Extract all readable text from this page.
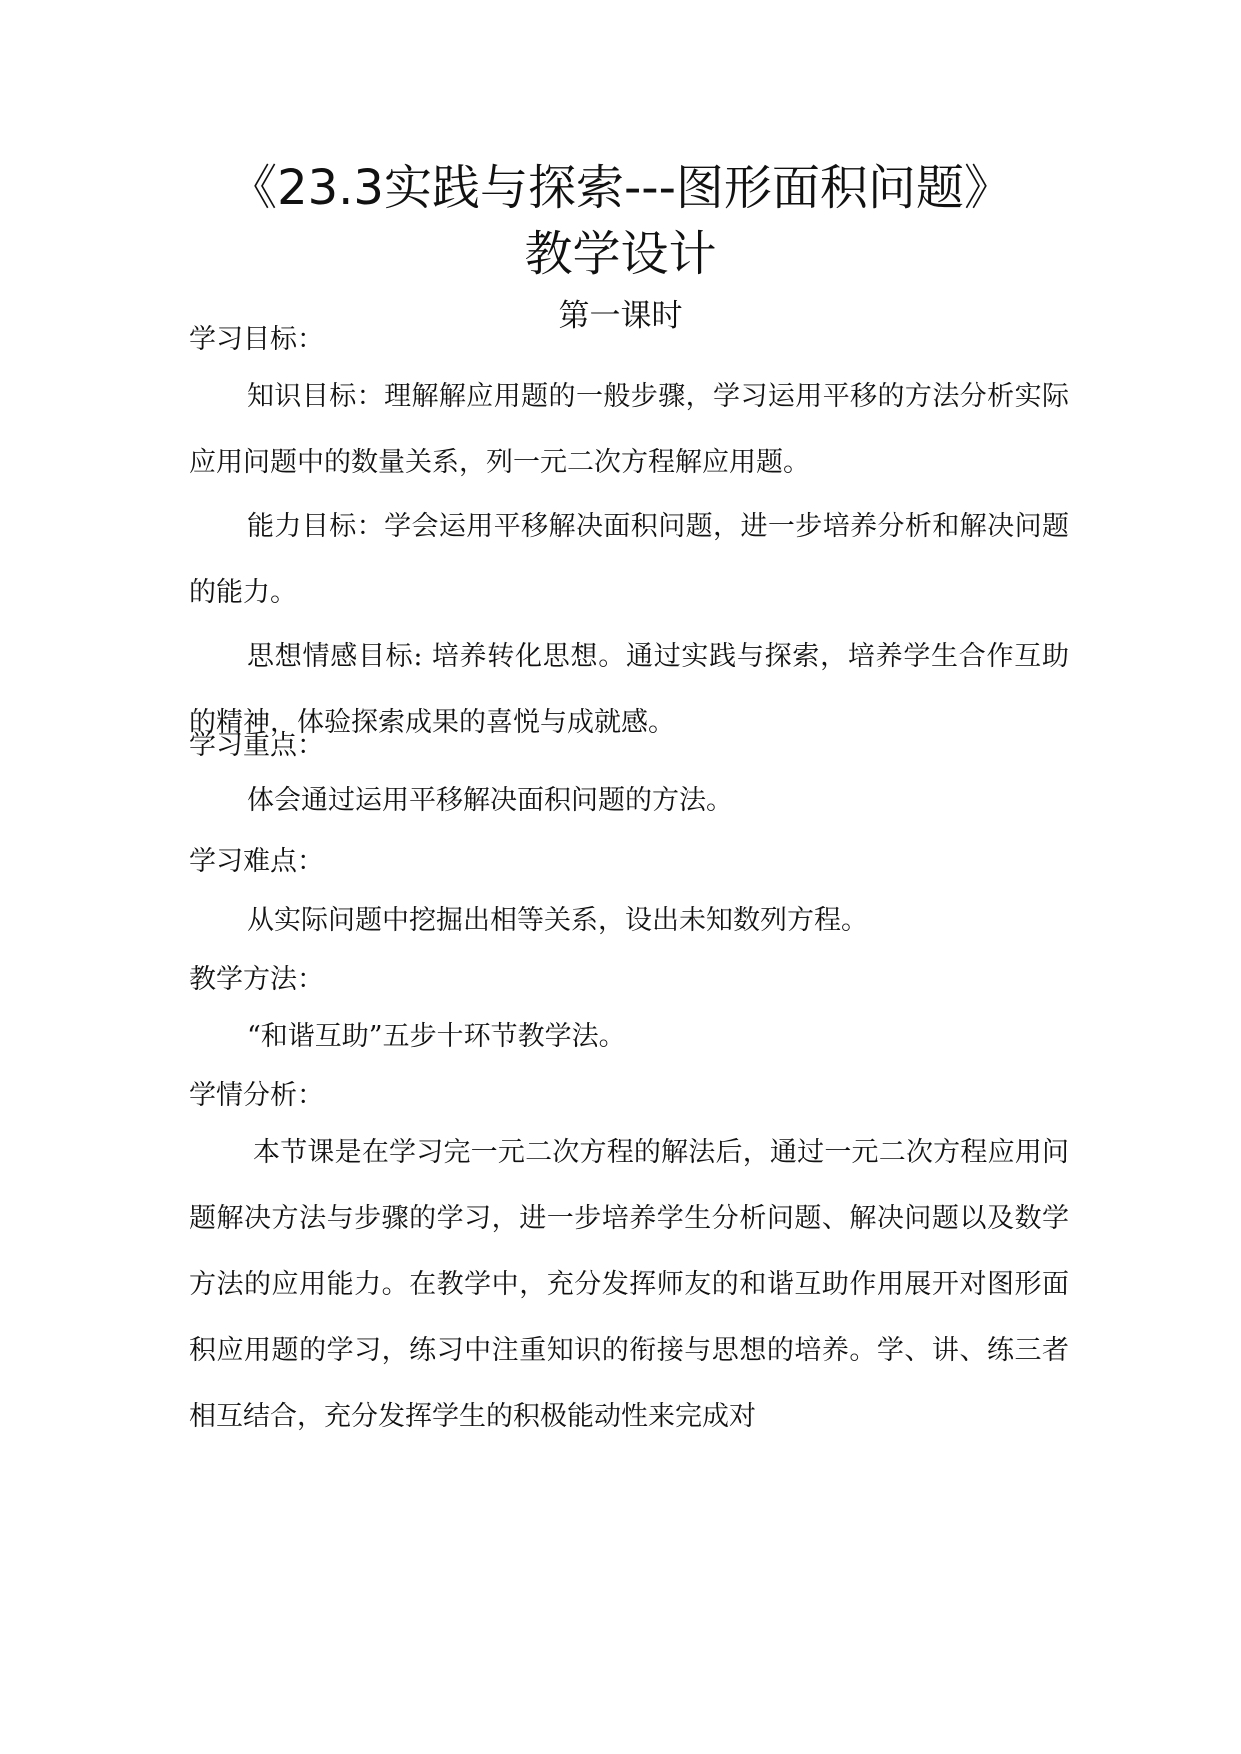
《23.3实践与探索---图形面积问题》
教学设计
第一课时
学习目标：

知识目标：理解解应用题的一般步骤，学习运用平移的方法分析实际应用问题中的数量关系，列一元二次方程解应用题。

能力目标：学会运用平移解决面积问题，进一步培养分析和解决问题的能力。

思想情感目标: 培养转化思想。通过实践与探索，培养学生合作互助的精神，体验探索成果的喜悦与成就感。

学习重点：

体会通过运用平移解决面积问题的方法。

学习难点：

从实际问题中挖掘出相等关系，设出未知数列方程。

教学方法：

“和谐互助”五步十环节教学法。

学情分析：

本节课是在学习完一元二次方程的解法后，通过一元二次方程应用问题解决方法与步骤的学习，进一步培养学生分析问题、解决问题以及数学方法的应用能力。在教学中，充分发挥师友的和谐互助作用展开对图形面积应用题的学习，练习中注重知识的衔接与思想的培养。学、讲、练三者相互结合，充分发挥学生的积极能动性来完成对
